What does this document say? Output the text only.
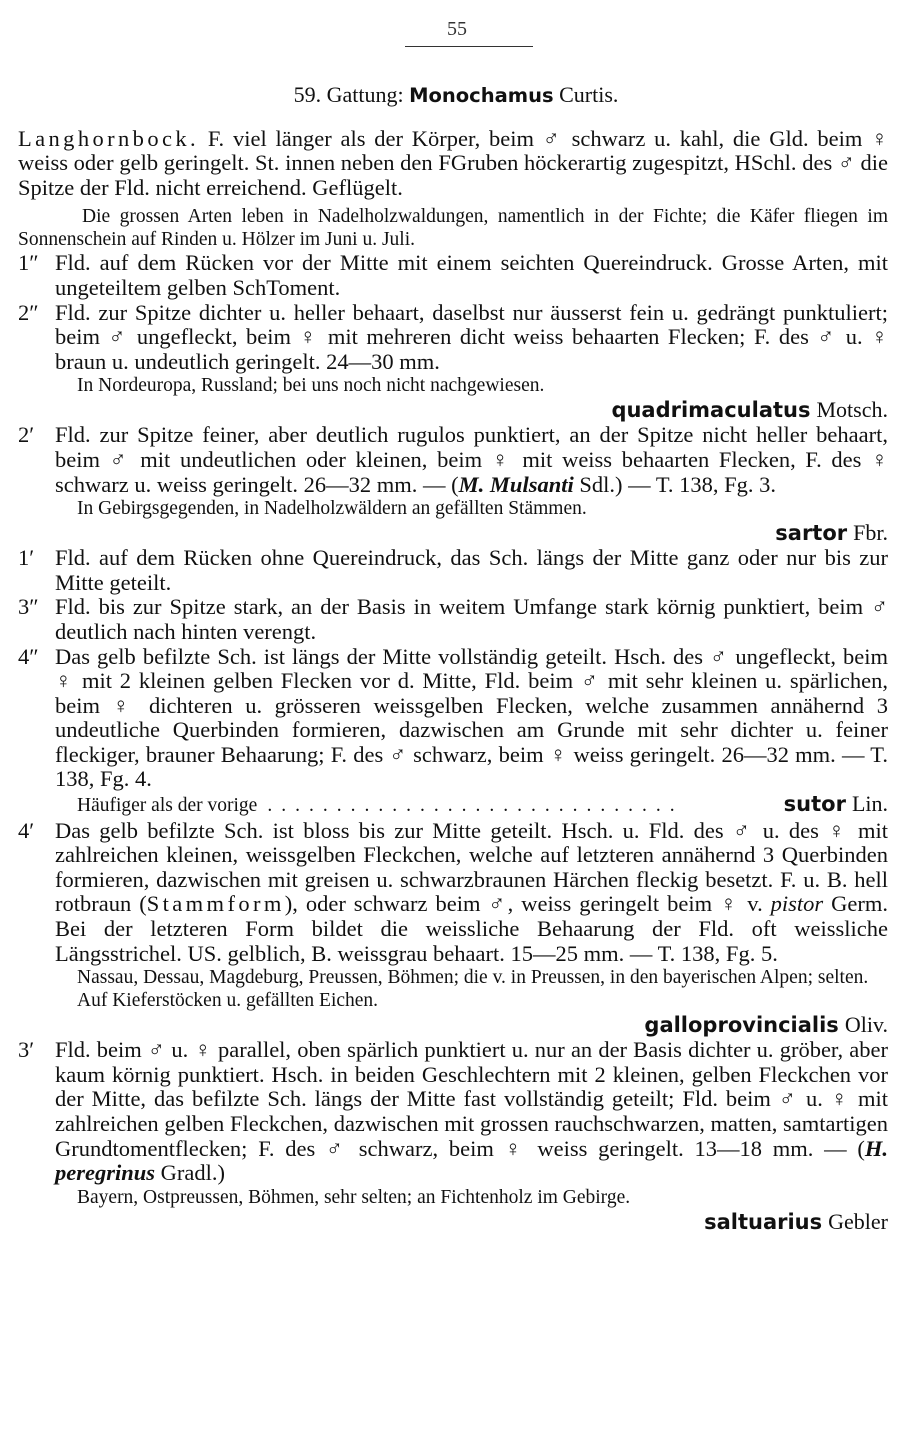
55
59. Gattung: Monochamus Curtis.

Langhornbock. F. viel länger als der Körper, beim ♂ schwarz u. kahl, die Gld. beim ♀ weiss oder gelb geringelt. St. innen neben den FGruben höckerartig zugespitzt, HSchl. des ♂ die Spitze der Fld. nicht erreichend. Geflügelt.

Die grossen Arten leben in Nadelholzwaldungen, namentlich in der Fichte; die Käfer fliegen im Sonnenschein auf Rinden u. Hölzer im Juni u. Juli.

1″ Fld. auf dem Rücken vor der Mitte mit einem seichten Quereindruck. Grosse Arten, mit ungeteiltem gelben SchToment.

2″ Fld. zur Spitze dichter u. heller behaart, daselbst nur äusserst fein u. gedrängt punktuliert; beim ♂ ungefleckt, beim ♀ mit mehreren dicht weiss behaarten Flecken; F. des ♂ u. ♀ braun u. undeutlich geringelt. 24—30 mm.

In Nordeuropa, Russland; bei uns noch nicht nachgewiesen.

quadrimaculatus Motsch.

2′ Fld. zur Spitze feiner, aber deutlich rugulos punktiert, an der Spitze nicht heller behaart, beim ♂ mit undeutlichen oder kleinen, beim ♀ mit weiss behaarten Flecken, F. des ♀ schwarz u. weiss geringelt. 26—32 mm. — (M. Mulsanti Sdl.) — T. 138, Fg. 3.

In Gebirgsgegenden, in Nadelholzwäldern an gefällten Stämmen.

sartor Fbr.

1′ Fld. auf dem Rücken ohne Quereindruck, das Sch. längs der Mitte ganz oder nur bis zur Mitte geteilt.

3″ Fld. bis zur Spitze stark, an der Basis in weitem Umfange stark körnig punktiert, beim ♂ deutlich nach hinten verengt.

4″ Das gelb befilzte Sch. ist längs der Mitte vollständig geteilt. Hsch. des ♂ ungefleckt, beim ♀ mit 2 kleinen gelben Flecken vor d. Mitte, Fld. beim ♂ mit sehr kleinen u. spärlichen, beim ♀ dichteren u. grösseren weissgelben Flecken, welche zusammen annähernd 3 undeutliche Querbinden formieren, dazwischen am Grunde mit sehr dichter u. feiner fleckiger, brauner Behaarung; F. des ♂ schwarz, beim ♀ weiss geringelt. 26—32 mm. — T. 138, Fg. 4.

Häufiger als der vorige ..............................	sutor Lin.

4′ Das gelb befilzte Sch. ist bloss bis zur Mitte geteilt. Hsch. u. Fld. des ♂ u. des ♀ mit zahlreichen kleinen, weissgelben Fleckchen, welche auf letzteren annähernd 3 Querbinden formieren, dazwischen mit greisen u. schwarzbraunen Härchen fleckig besetzt. F. u. B. hell rotbraun (Stammform), oder schwarz beim ♂, weiss geringelt beim ♀ v. pistor Germ. Bei der letzteren Form bildet die weissliche Behaarung der Fld. oft weissliche Längsstrichel. US. gelblich, B. weissgrau behaart. 15—25 mm. — T. 138, Fg. 5.

Nassau, Dessau, Magdeburg, Preussen, Böhmen; die v. in Preussen, in den bayerischen Alpen; selten. Auf Kieferstöcken u. gefällten Eichen.

galloprovincialis Oliv.

3′ Fld. beim ♂ u. ♀ parallel, oben spärlich punktiert u. nur an der Basis dichter u. gröber, aber kaum körnig punktiert. Hsch. in beiden Geschlechtern mit 2 kleinen, gelben Fleckchen vor der Mitte, das befilzte Sch. längs der Mitte fast vollständig geteilt; Fld. beim ♂ u. ♀ mit zahlreichen gelben Fleckchen, dazwischen mit grossen rauchschwarzen, matten, samtartigen Grundtomentflecken; F. des ♂ schwarz, beim ♀ weiss geringelt. 13—18 mm. — (H. peregrinus Gradl.)

Bayern, Ostpreussen, Böhmen, sehr selten; an Fichtenholz im Gebirge.

saltuarius Gebler
